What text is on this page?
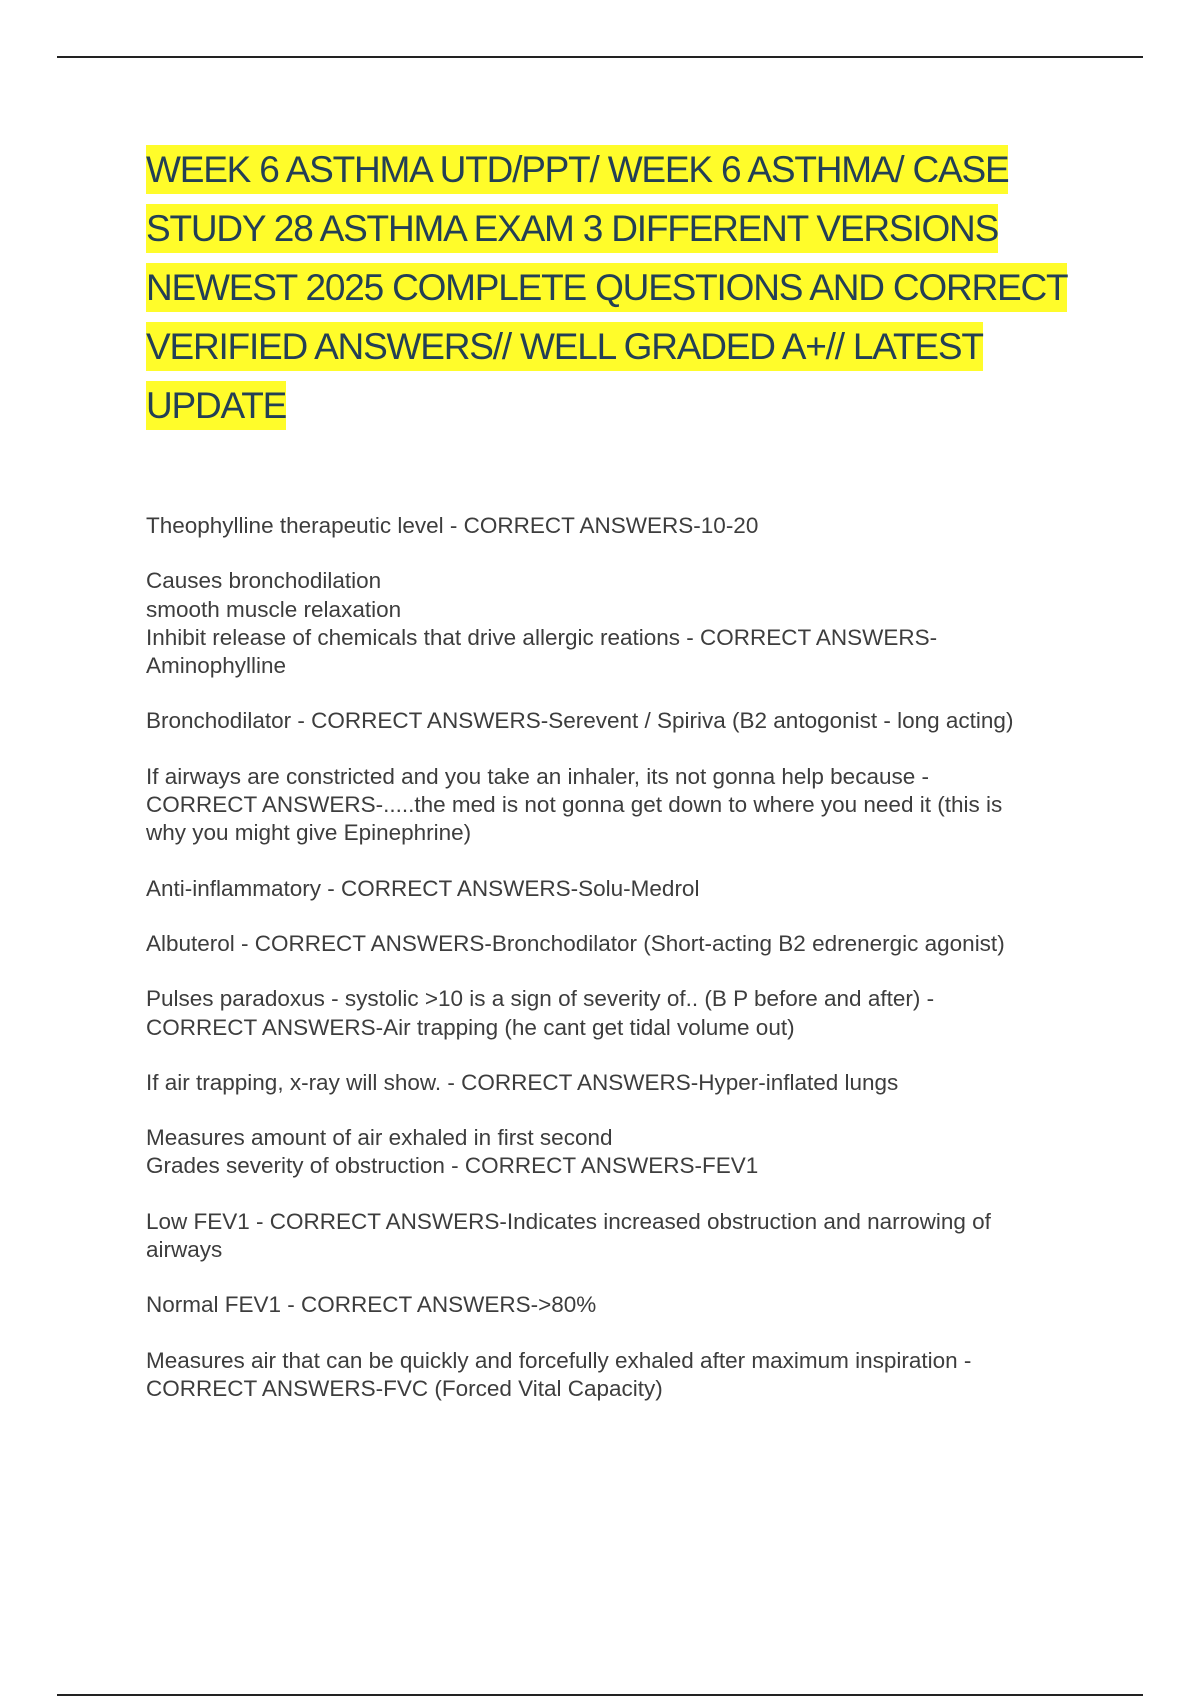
WEEK 6 ASTHMA UTD/PPT/ WEEK 6 ASTHMA/ CASE STUDY 28 ASTHMA EXAM 3 DIFFERENT VERSIONS NEWEST 2025 COMPLETE QUESTIONS AND CORRECT VERIFIED ANSWERS// WELL GRADED A+// LATEST UPDATE
Theophylline therapeutic level - CORRECT ANSWERS-10-20
Causes bronchodilation
smooth muscle relaxation
Inhibit release of chemicals that drive allergic reations - CORRECT ANSWERS-
Aminophylline
Bronchodilator - CORRECT ANSWERS-Serevent / Spiriva (B2 antogonist - long acting)
If airways are constricted and you take an inhaler, its not gonna help because -
CORRECT ANSWERS-.....the med is not gonna get down to where you need it (this is
why you might give Epinephrine)
Anti-inflammatory - CORRECT ANSWERS-Solu-Medrol
Albuterol - CORRECT ANSWERS-Bronchodilator (Short-acting B2 edrenergic agonist)
Pulses paradoxus - systolic >10 is a sign of severity of.. (B P before and after) -
CORRECT ANSWERS-Air trapping (he cant get tidal volume out)
If air trapping, x-ray will show. - CORRECT ANSWERS-Hyper-inflated lungs
Measures amount of air exhaled in first second
Grades severity of obstruction - CORRECT ANSWERS-FEV1
Low FEV1 - CORRECT ANSWERS-Indicates increased obstruction and narrowing of
airways
Normal FEV1 - CORRECT ANSWERS->80%
Measures air that can be quickly and forcefully exhaled after maximum inspiration -
CORRECT ANSWERS-FVC (Forced Vital Capacity)
